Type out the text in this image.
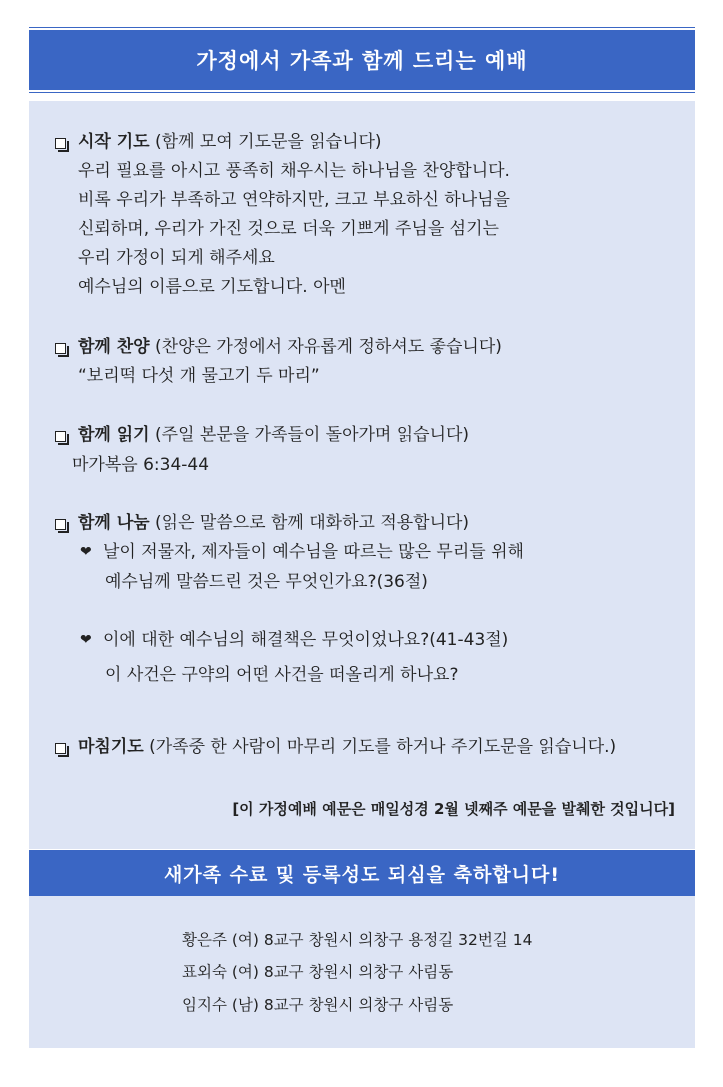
가정에서 가족과 함께 드리는 예배
시작 기도 (함께 모여 기도문을 읽습니다)
우리 필요를 아시고 풍족히 채우시는 하나님을 찬양합니다.
비록 우리가 부족하고 연약하지만, 크고 부요하신 하나님을
신뢰하며, 우리가 가진 것으로 더욱 기쁘게 주님을 섬기는
우리 가정이 되게 해주세요
예수님의 이름으로 기도합니다. 아멘
함께 찬양 (찬양은 가정에서 자유롭게 정하셔도 좋습니다)
“보리떡 다섯 개 물고기 두 마리”
함께 읽기 (주일 본문을 가족들이 돌아가며 읽습니다)
마가복음 6:34-44
함께 나눔 (읽은 말씀으로 함께 대화하고 적용합니다)
❤ 날이 저물자, 제자들이 예수님을 따르는 많은 무리들 위해
예수님께 말씀드린 것은 무엇인가요?(36절)
❤ 이에 대한 예수님의 해결책은 무엇이었나요?(41-43절)
이 사건은 구약의 어떤 사건을 떠올리게 하나요?
마침기도 (가족중 한 사람이 마무리 기도를 하거나 주기도문을 읽습니다.)
[이 가정예배 예문은 매일성경 2월 넷째주 예문을 발췌한 것입니다]
새가족 수료 및 등록성도 되심을 축하합니다!
황은주 (여) 8교구 창원시 의창구 용정길 32번길 14
표외숙 (여) 8교구 창원시 의창구 사림동
임지수 (남) 8교구 창원시 의창구 사림동
